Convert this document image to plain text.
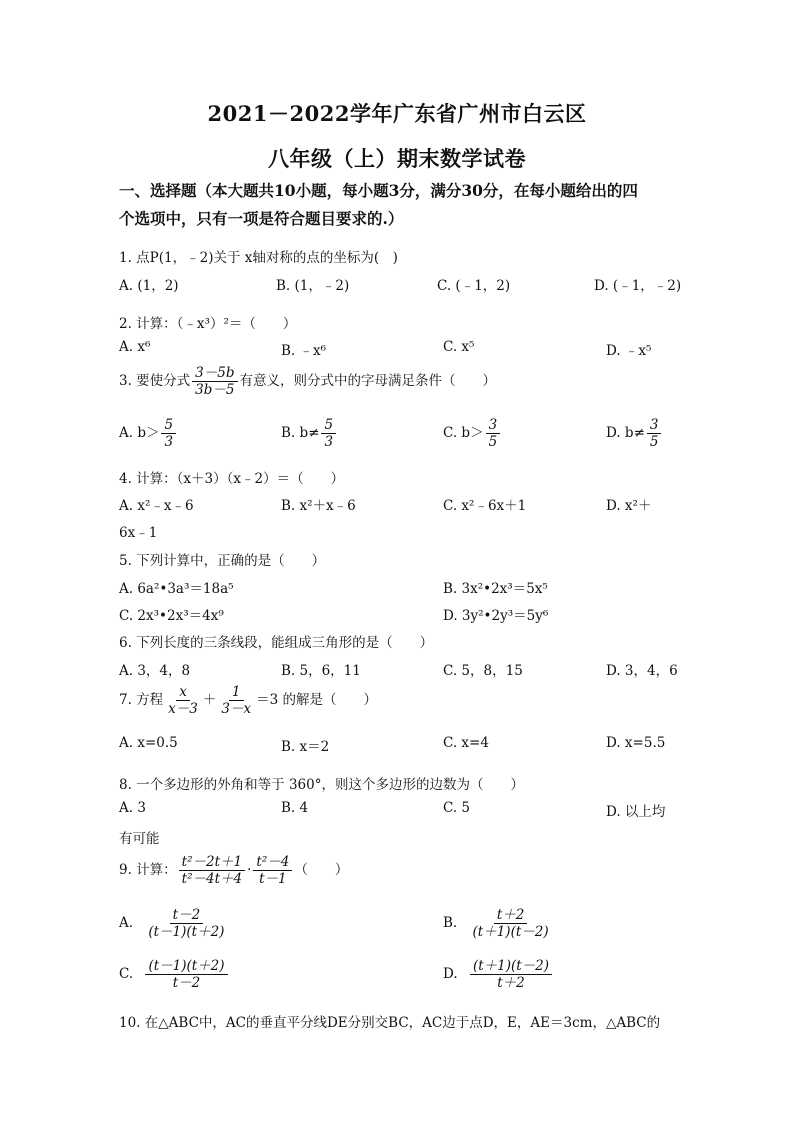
2021－2022学年广东省广州市白云区
八年级（上）期末数学试卷
一、选择题（本大题共10小题，每小题3分，满分30分，在每小题给出的四
个选项中，只有一项是符合题目要求的.）
1. 点P(1，﹣2)关于 x轴对称的点的坐标为(　)
A. (1，2)	B. (1，﹣2)	C. (﹣1，2)	D. (﹣1，﹣2)
2. 计算：（﹣x³）²＝（　　）
A. x⁶	B. ﹣x⁶	C. x⁵	D. ﹣x⁵
3. 要使分式 $\frac{3-5b}{3b-5}$ 有意义，则分式中的字母满足条件（　　）
A. $b> \frac{5}{3}$	B. $b\ne \frac{5}{3}$	C. $b> \frac{3}{5}$	D. $b\ne \frac{3}{5}$
4. 计算：（x＋3）（x﹣2）＝（　　）
A. x²﹣x﹣6	B. x²＋x﹣6	C. x²﹣6x＋1	D. x²＋
6x﹣1
5. 下列计算中，正确的是（　　）
A. 6a²•3a³＝18a⁵	B. 3x²•2x³＝5x⁵
C. 2x³•2x³＝4x⁹	D. 3y²•2y³＝5y⁶
6. 下列长度的三条线段，能组成三角形的是（　　）
A. 3，4，8	B. 5，6，11	C. 5，8，15	D. 3，4，6
7. 方程 $\frac{x}{x-3} + \frac{1}{3-x} =3$ 的解是（　　）
A. x=0.5	B. x＝2	C. x=4	D. x=5.5
8. 一个多边形的外角和等于 360°，则这个多边形的边数为（　　）
A. 3	B. 4	C. 5	D. 以上均
有可能
9. 计算： $\frac{\text{t²－2t＋1}}{\text{t²－4t＋4}} \cdot \frac{\text{t²－4}}{t-1}$ （　　）
A. $\frac{t-2}{(t-1)(t+2)}$	B. $\frac{t+2}{(t+1)(t-2)}$
C. $\frac{(t-1)(t+2)}{t-2}$	D. $\frac{(t+1)(t-2)}{t+2}$
10. 在△ABC中，AC的垂直平分线DE分别交BC，AC边于点D，E，AE＝3cm，△ABC的
